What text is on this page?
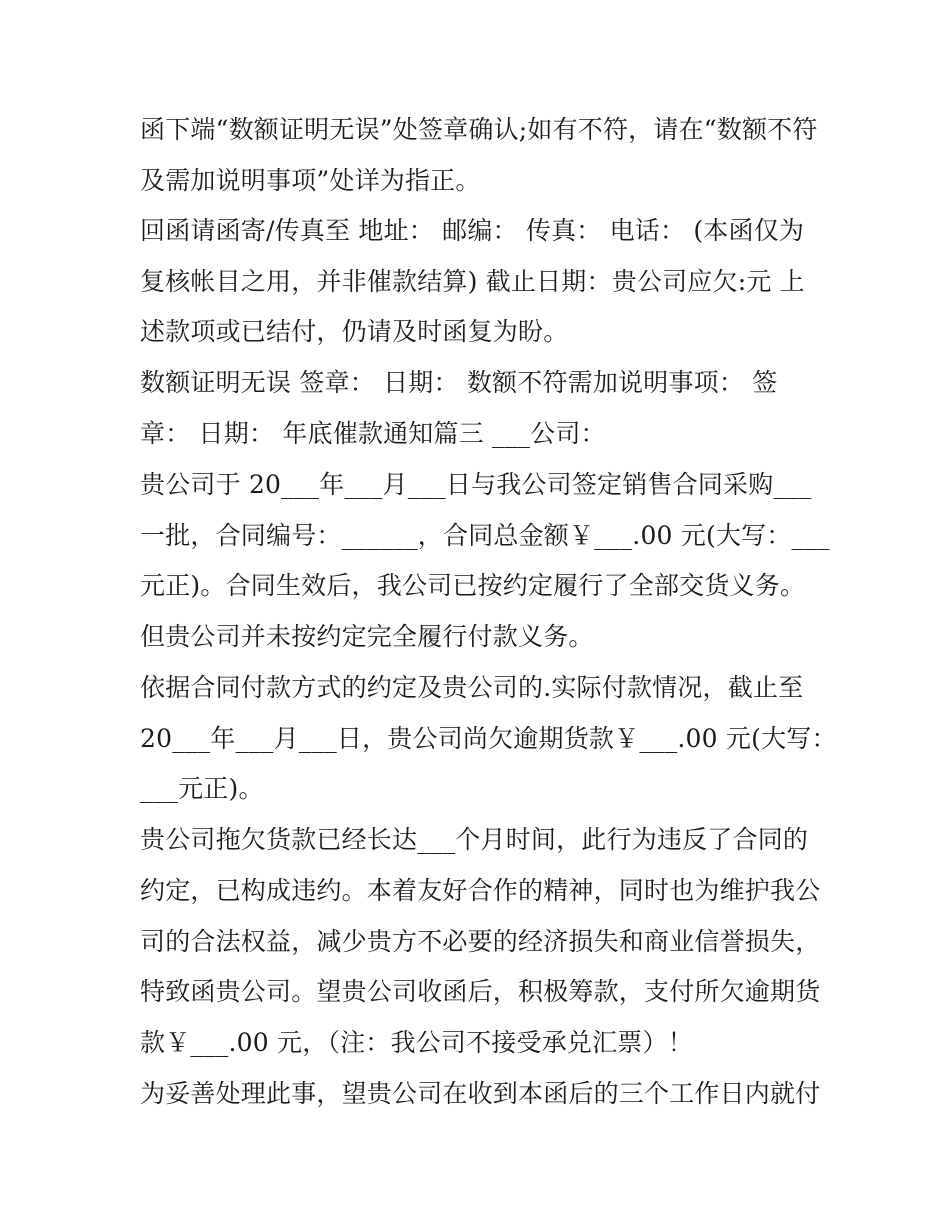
函下端“数额证明无误”处签章确认;如有不符，请在“数额不符
及需加说明事项”处详为指正。
回函请函寄/传真至 地址： 邮编： 传真： 电话： (本函仅为
复核帐目之用，并非催款结算) 截止日期：贵公司应欠:元 上
述款项或已结付，仍请及时函复为盼。
数额证明无误 签章： 日期： 数额不符需加说明事项： 签
章： 日期： 年底催款通知篇三 ___公司：
贵公司于 20___年___月___日与我公司签定销售合同采购___
一批，合同编号：______，合同总金额￥___.00 元(大写：___
元正)。合同生效后，我公司已按约定履行了全部交货义务。
但贵公司并未按约定完全履行付款义务。
依据合同付款方式的约定及贵公司的.实际付款情况，截止至
20___年___月___日，贵公司尚欠逾期货款￥___.00 元(大写：
___元正)。
贵公司拖欠货款已经长达___个月时间，此行为违反了合同的
约定，已构成违约。本着友好合作的精神，同时也为维护我公
司的合法权益，减少贵方不必要的经济损失和商业信誉损失，
特致函贵公司。望贵公司收函后，积极筹款，支付所欠逾期货
款￥___.00 元，（注：我公司不接受承兑汇票）！
为妥善处理此事，望贵公司在收到本函后的三个工作日内就付
